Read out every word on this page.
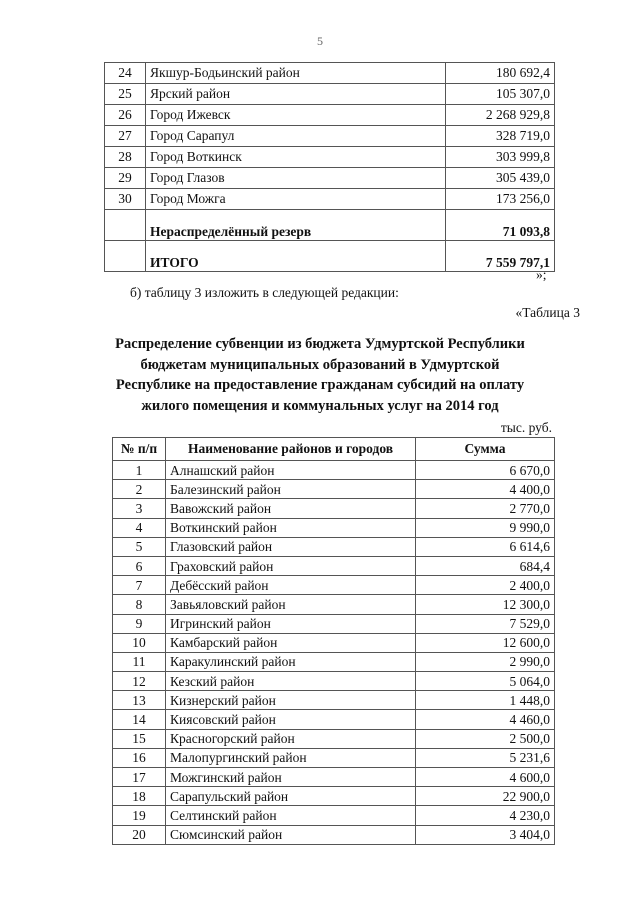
5
24	Якшур-Бодьинский район	180 692,4
25	Ярский район	105 307,0
26	Город Ижевск	2 268 929,8
27	Город Сарапул	328 719,0
28	Город Воткинск	303 999,8
29	Город Глазов	305 439,0
30	Город Можга	173 256,0
	Нераспределённый резерв	71 093,8
	ИТОГО	7 559 797,1
»;
б) таблицу 3 изложить в следующей редакции:
«Таблица 3
Распределение субвенции из бюджета Удмуртской Республики
бюджетам муниципальных образований в Удмуртской
Республике на предоставление гражданам субсидий на оплату
жилого помещения и коммунальных услуг на 2014 год
тыс. руб.
№ п/п	Наименование районов и городов	Сумма
1	Алнашский район	6 670,0
2	Балезинский район	4 400,0
3	Вавожский район	2 770,0
4	Воткинский район	9 990,0
5	Глазовский район	6 614,6
6	Граховский район	684,4
7	Дебёсский район	2 400,0
8	Завьяловский район	12 300,0
9	Игринский район	7 529,0
10	Камбарский район	12 600,0
11	Каракулинский район	2 990,0
12	Кезский район	5 064,0
13	Кизнерский район	1 448,0
14	Киясовский район	4 460,0
15	Красногорский район	2 500,0
16	Малопургинский район	5 231,6
17	Можгинский район	4 600,0
18	Сарапульский район	22 900,0
19	Селтинский район	4 230,0
20	Сюмсинский район	3 404,0
